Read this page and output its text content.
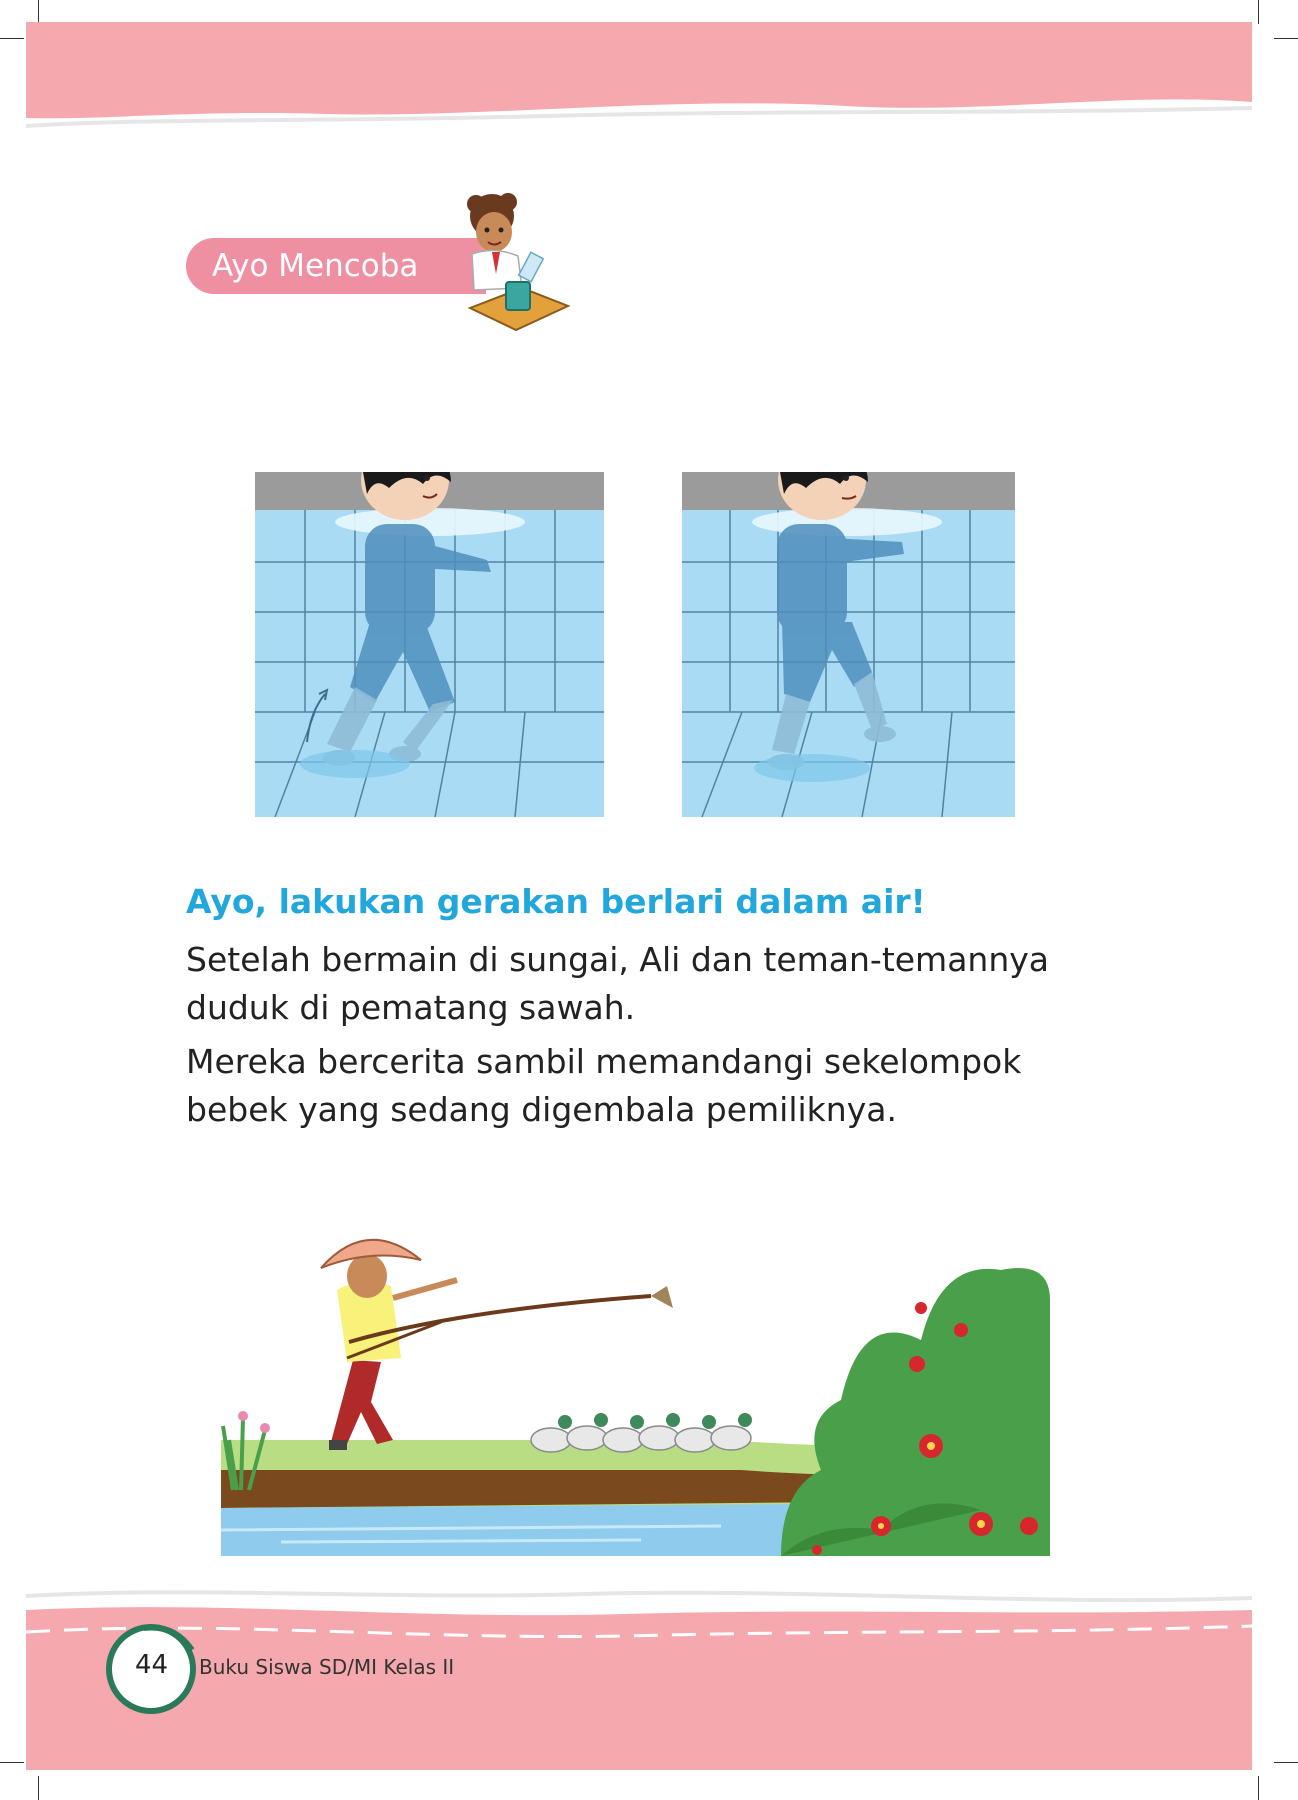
Ayo Mencoba
Ayo, lakukan gerakan berlari dalam air!

Setelah bermain di sungai, Ali dan teman-temannya duduk di pematang sawah.

Mereka bercerita sambil memandangi sekelompok bebek yang sedang digembala pemiliknya.

44	Buku Siswa SD/MI Kelas II
